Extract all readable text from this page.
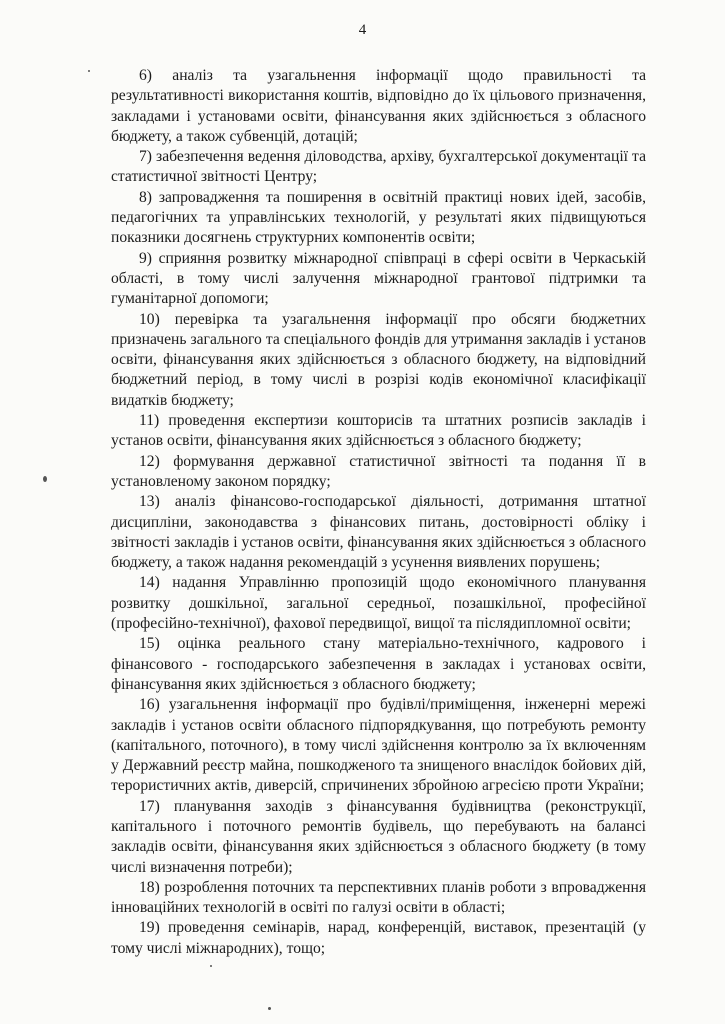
4

6) аналіз та узагальнення інформації щодо правильності та результативності використання коштів, відповідно до їх цільового призначення, закладами і установами освіти, фінансування яких здійснюється з обласного бюджету, а також субвенцій, дотацій;

7) забезпечення ведення діловодства, архіву, бухгалтерської документації та статистичної звітності Центру;

8) запровадження та поширення в освітній практиці нових ідей, засобів, педагогічних та управлінських технологій, у результаті яких підвищуються показники досягнень структурних компонентів освіти;

9) сприяння розвитку міжнародної співпраці в сфері освіти в Черкаській області, в тому числі залучення міжнародної грантової підтримки та гуманітарної допомоги;

10) перевірка та узагальнення інформації про обсяги бюджетних призначень загального та спеціального фондів для утримання закладів і установ освіти, фінансування яких здійснюється з обласного бюджету, на відповідний бюджетний період, в тому числі в розрізі кодів економічної класифікації видатків бюджету;

11) проведення експертизи кошторисів та штатних розписів закладів і установ освіти, фінансування яких здійснюється з обласного бюджету;

12) формування державної статистичної звітності та подання її в установленому законом порядку;

13) аналіз фінансово-господарської діяльності, дотримання штатної дисципліни, законодавства з фінансових питань, достовірності обліку і звітності закладів і установ освіти, фінансування яких здійснюється з обласного бюджету, а також надання рекомендацій з усунення виявлених порушень;

14) надання Управлінню пропозицій щодо економічного планування розвитку дошкільної, загальної середньої, позашкільної, професійної (професійно-технічної), фахової передвищої, вищої та післядипломної освіти;

15) оцінка реального стану матеріально-технічного, кадрового і фінансового - господарського забезпечення в закладах і установах освіти, фінансування яких здійснюється з обласного бюджету;

16) узагальнення інформації про будівлі/приміщення, інженерні мережі закладів і установ освіти обласного підпорядкування, що потребують ремонту (капітального, поточного), в тому числі здійснення контролю за їх включенням у Державний реєстр майна, пошкодженого та знищеного внаслідок бойових дій, терористичних актів, диверсій, спричинених збройною агресією проти України;

17) планування заходів з фінансування будівництва (реконструкції, капітального і поточного ремонтів будівель, що перебувають на балансі закладів освіти, фінансування яких здійснюється з обласного бюджету (в тому числі визначення потреби);

18) розроблення поточних та перспективних планів роботи з впровадження інноваційних технологій в освіті по галузі освіти в області;

19) проведення семінарів, нарад, конференцій, виставок, презентацій (у тому числі міжнародних), тощо;
